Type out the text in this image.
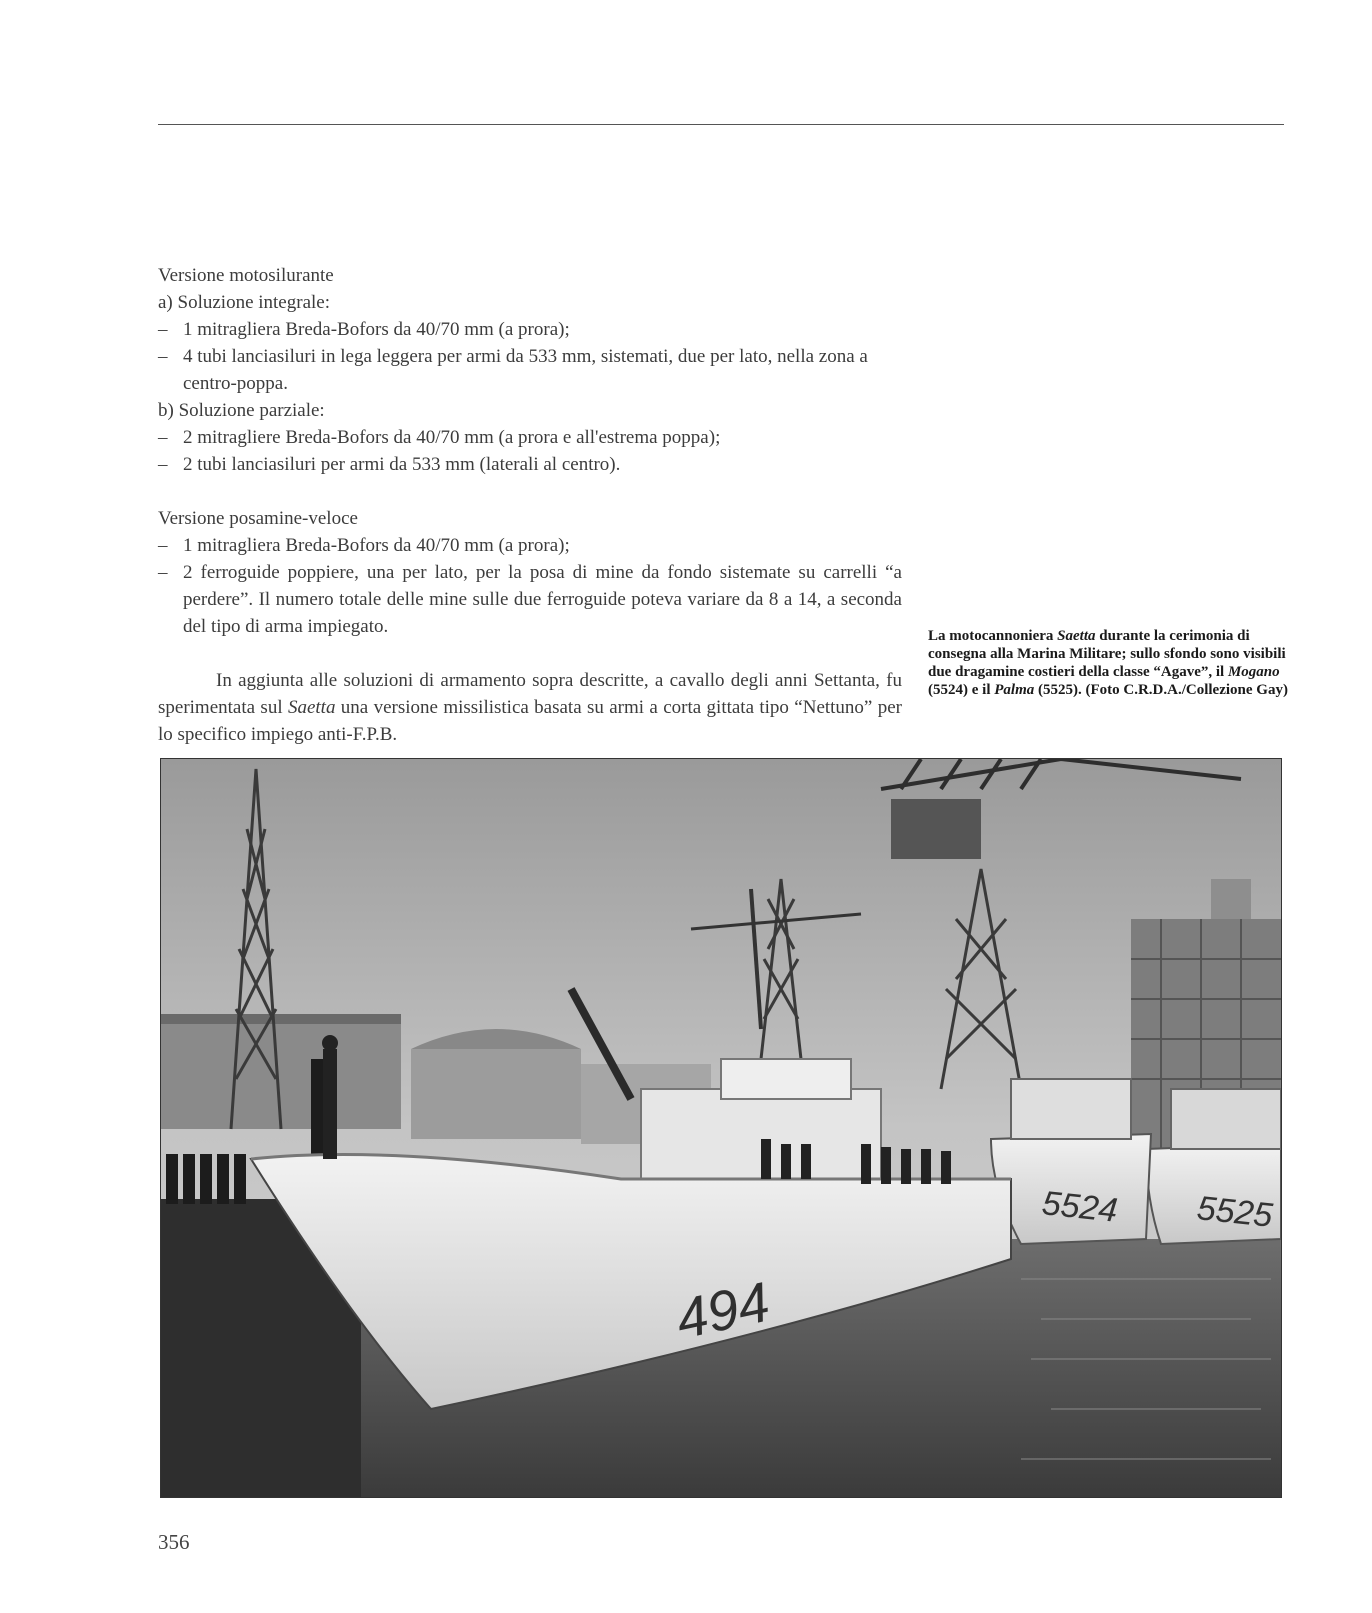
Versione motosilurante

a) Soluzione integrale:

– 1 mitragliera Breda-Bofors da 40/70 mm (a prora);

– 4 tubi lanciasiluri in lega leggera per armi da 533 mm, sistemati, due per lato, nella zona a centro-poppa.

b) Soluzione parziale:

– 2 mitragliere Breda-Bofors da 40/70 mm (a prora e all'estrema poppa);

– 2 tubi lanciasiluri per armi da 533 mm (laterali al centro).

Versione posamine-veloce

– 1 mitragliera Breda-Bofors da 40/70 mm (a prora);

– 2 ferroguide poppiere, una per lato, per la posa di mine da fondo sistemate su carrelli “a perdere”. Il numero totale delle mine sulle due ferroguide poteva variare da 8 a 14, a seconda del tipo di arma impiegato.

In aggiunta alle soluzioni di armamento sopra descritte, a cavallo degli anni Settanta, fu sperimentata sul Saetta una versione missilistica basata su armi a corta gittata tipo “Nettuno” per lo specifico impiego anti-F.P.B.

La motocannoniera Saetta durante la cerimonia di consegna alla Marina Militare; sullo sfondo sono visibili due dragamine costieri della classe “Agave”, il Mogano (5524) e il Palma (5525). (Foto C.R.D.A./Collezione Gay)
5525
5524
494
356
